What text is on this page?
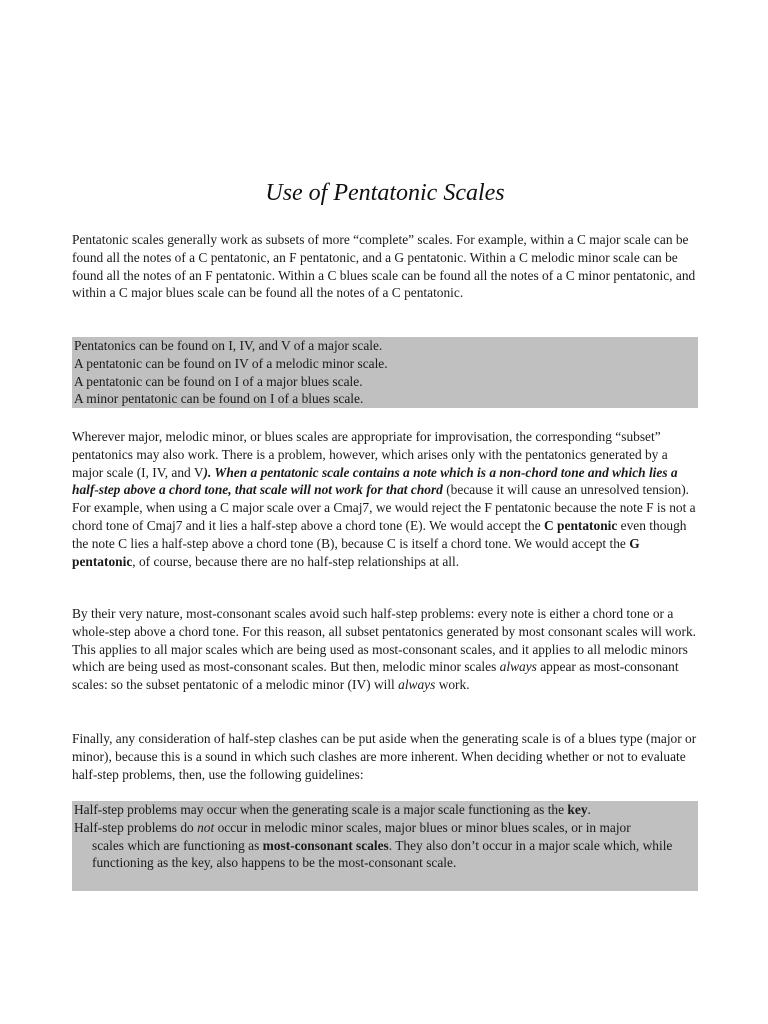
Use of Pentatonic Scales

Pentatonic scales generally work as subsets of more “complete” scales. For example, within a C major scale can be found all the notes of a C pentatonic, an F pentatonic, and a G pentatonic. Within a C melodic minor scale can be found all the notes of an F pentatonic. Within a C blues scale can be found all the notes of a C minor pentatonic, and within a C major blues scale can be found all the notes of a C pentatonic.

Pentatonics can be found on I, IV, and V of a major scale.
A pentatonic can be found on IV of a melodic minor scale.
A pentatonic can be found on I of a major blues scale.
A minor pentatonic can be found on I of a blues scale.

Wherever major, melodic minor, or blues scales are appropriate for improvisation, the corresponding “subset” pentatonics may also work. There is a problem, however, which arises only with the pentatonics generated by a major scale (I, IV, and V). When a pentatonic scale contains a note which is a non-chord tone and which lies a half-step above a chord tone, that scale will not work for that chord (because it will cause an unresolved tension). For example, when using a C major scale over a Cmaj7, we would reject the F pentatonic because the note F is not a chord tone of Cmaj7 and it lies a half-step above a chord tone (E). We would accept the C pentatonic even though the note C lies a half-step above a chord tone (B), because C is itself a chord tone. We would accept the G pentatonic, of course, because there are no half-step relationships at all.

By their very nature, most-consonant scales avoid such half-step problems: every note is either a chord tone or a whole-step above a chord tone. For this reason, all subset pentatonics generated by most consonant scales will work. This applies to all major scales which are being used as most-consonant scales, and it applies to all melodic minors which are being used as most-consonant scales. But then, melodic minor scales always appear as most-consonant scales: so the subset pentatonic of a melodic minor (IV) will always work.

Finally, any consideration of half-step clashes can be put aside when the generating scale is of a blues type (major or minor), because this is a sound in which such clashes are more inherent. When deciding whether or not to evaluate half-step problems, then, use the following guidelines:

Half-step problems may occur when the generating scale is a major scale functioning as the key.
Half-step problems do not occur in melodic minor scales, major blues or minor blues scales, or in major
scales which are functioning as most-consonant scales. They also don’t occur in a major scale which, while functioning as the key, also happens to be the most-consonant scale.
